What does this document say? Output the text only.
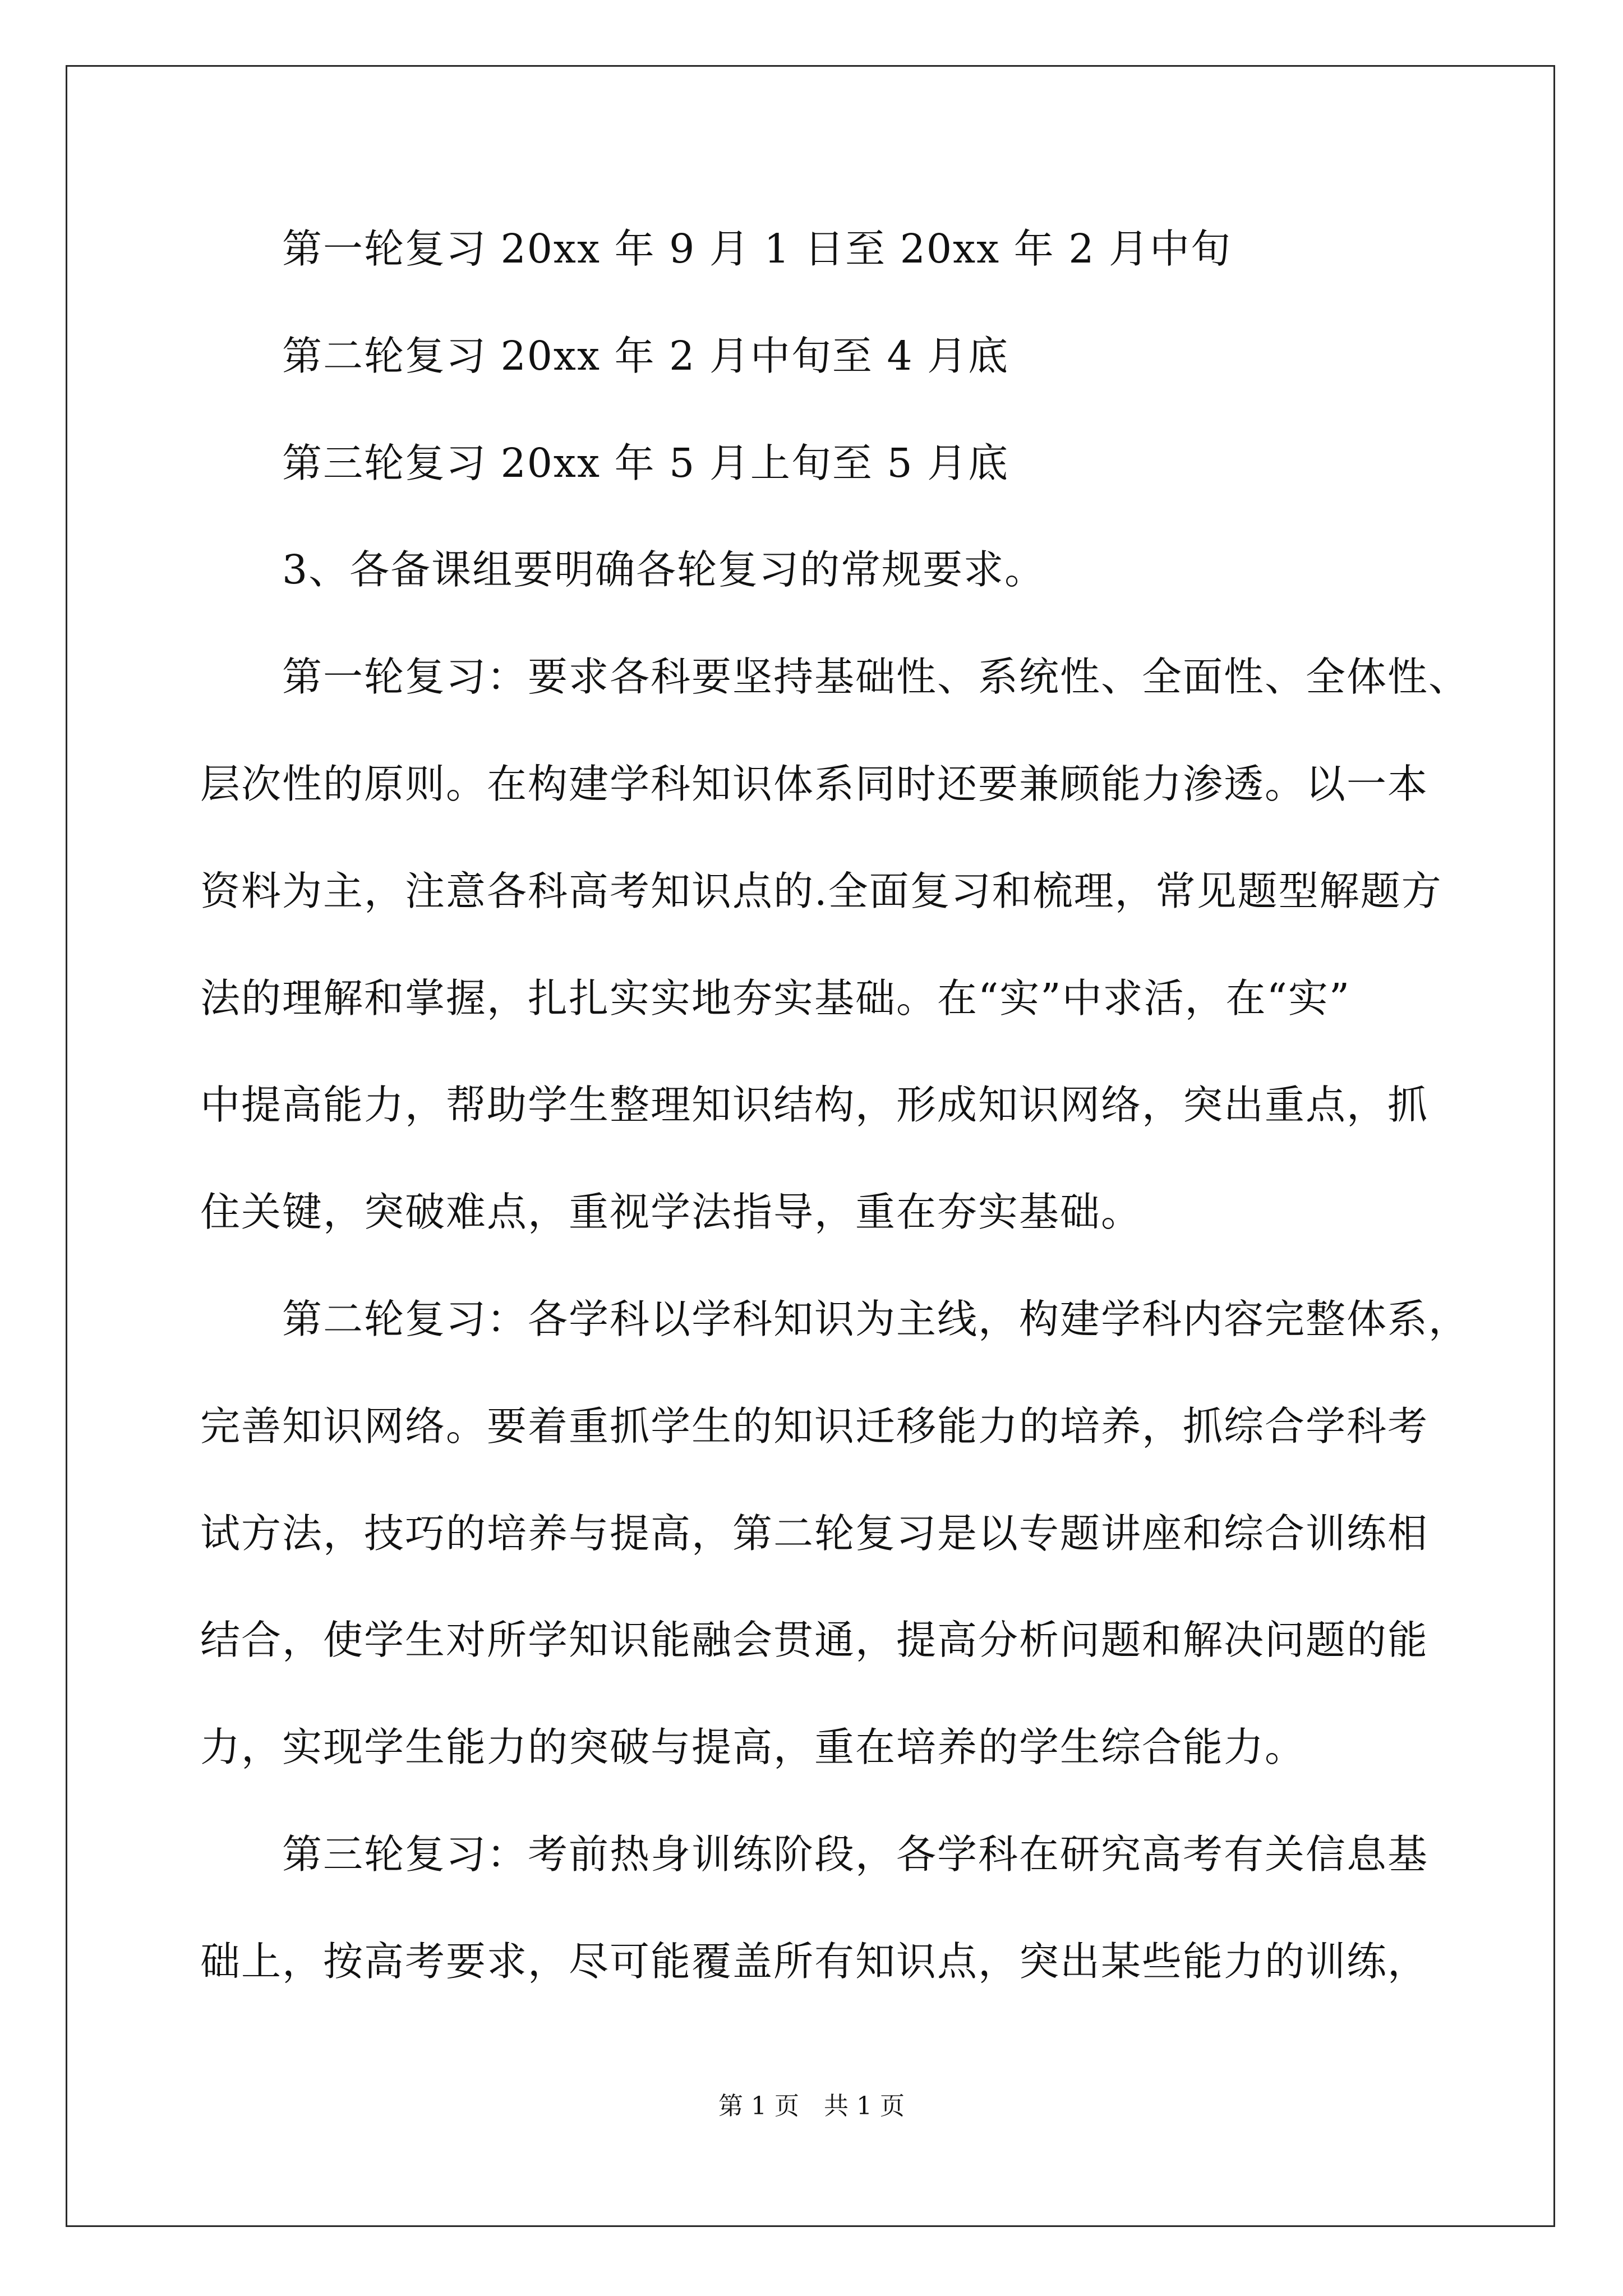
第一轮复习 20xx 年 9 月 1 日至 20xx 年 2 月中旬
第二轮复习 20xx 年 2 月中旬至 4 月底
第三轮复习 20xx 年 5 月上旬至 5 月底
3、各备课组要明确各轮复习的常规要求。
第一轮复习：要求各科要坚持基础性、系统性、全面性、全体性、
层次性的原则。在构建学科知识体系同时还要兼顾能力渗透。以一本
资料为主，注意各科高考知识点的.全面复习和梳理，常见题型解题方
法的理解和掌握，扎扎实实地夯实基础。在“实”中求活，在“实”
中提高能力，帮助学生整理知识结构，形成知识网络，突出重点，抓
住关键，突破难点，重视学法指导，重在夯实基础。
第二轮复习：各学科以学科知识为主线，构建学科内容完整体系，
完善知识网络。要着重抓学生的知识迁移能力的培养，抓综合学科考
试方法，技巧的培养与提高，第二轮复习是以专题讲座和综合训练相
结合，使学生对所学知识能融会贯通，提高分析问题和解决问题的能
力，实现学生能力的突破与提高，重在培养的学生综合能力。
第三轮复习：考前热身训练阶段，各学科在研究高考有关信息基
础上，按高考要求，尽可能覆盖所有知识点，突出某些能力的训练，
第 1 页　共 1 页
